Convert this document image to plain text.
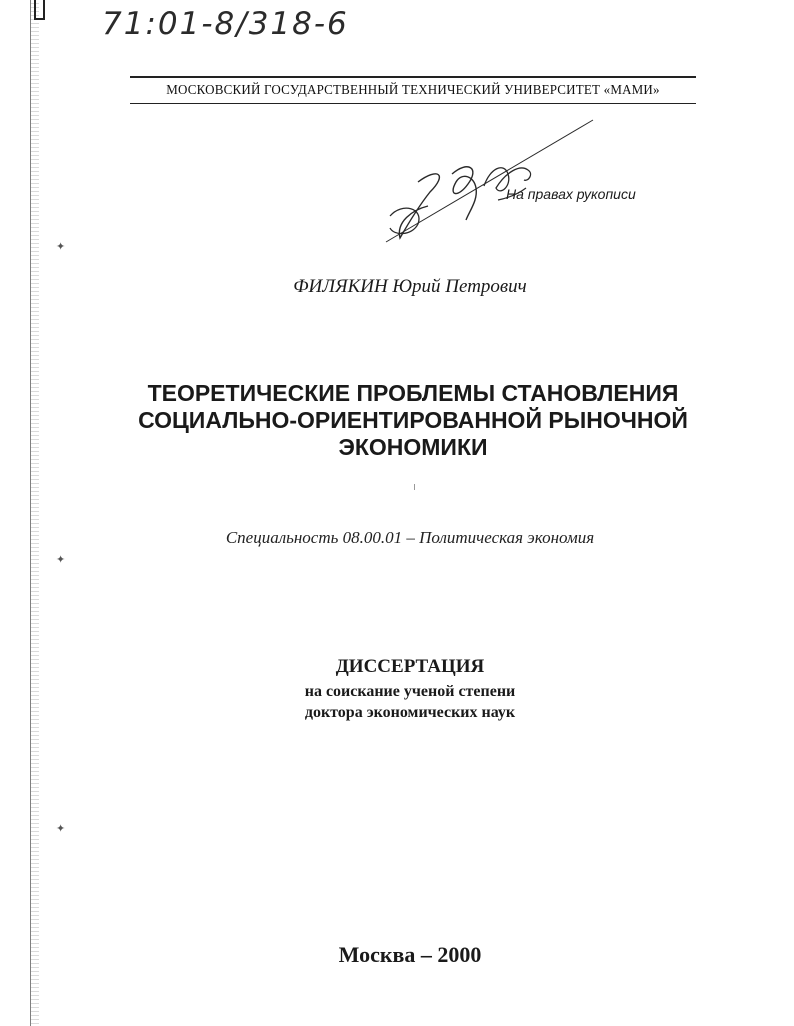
✦
✦
✦
71:01-8/318-6
МОСКОВСКИЙ ГОСУДАРСТВЕННЫЙ ТЕХНИЧЕСКИЙ УНИВЕРСИТЕТ «МАМИ»
На правах рукописи
ФИЛЯКИН Юрий Петрович
ТЕОРЕТИЧЕСКИЕ ПРОБЛЕМЫ СТАНОВЛЕНИЯ
СОЦИАЛЬНО-ОРИЕНТИРОВАННОЙ РЫНОЧНОЙ
ЭКОНОМИКИ
Специальность 08.00.01 – Политическая экономия
ДИССЕРТАЦИЯ
на соискание ученой степени
доктора экономических наук
Москва – 2000
